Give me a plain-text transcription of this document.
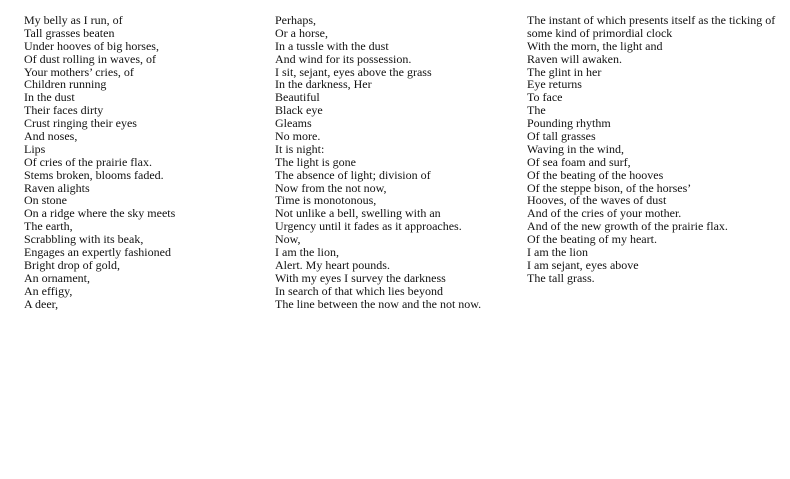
My belly as I run, of
Tall grasses beaten
Under hooves of big horses,
Of dust rolling in waves, of
Your mothers’ cries, of
Children running
In the dust
Their faces dirty
Crust ringing their eyes
And noses,
Lips
Of cries of the prairie flax.
Stems broken, blooms faded.
Raven alights
On stone
On a ridge where the sky meets
The earth,
Scrabbling with its beak,
Engages an expertly fashioned
Bright drop of gold,
An ornament,
An effigy,
A deer,
Perhaps,
Or a horse,
In a tussle with the dust
And wind for its possession.
I sit, sejant, eyes above the grass
In the darkness, Her
Beautiful
Black eye
Gleams
No more.
It is night:
The light is gone
The absence of light; division of
Now from the not now,
Time is monotonous,
Not unlike a bell, swelling with an
Urgency until it fades as it approaches.
Now,
I am the lion,
Alert. My heart pounds.
With my eyes I survey the darkness
In search of that which lies beyond
The line between the now and the not now.
The instant of which presents itself as the ticking of
some kind of primordial clock
With the morn, the light and
Raven will awaken.
The glint in her
Eye returns
To face
The
Pounding rhythm
Of tall grasses
Waving in the wind,
Of sea foam and surf,
Of the beating of the hooves
Of the steppe bison, of the horses’
Hooves, of the waves of dust
And of the cries of your mother.
And of the new growth of the prairie flax.
Of the beating of my heart.
I am the lion
I am sejant, eyes above
The tall grass.
